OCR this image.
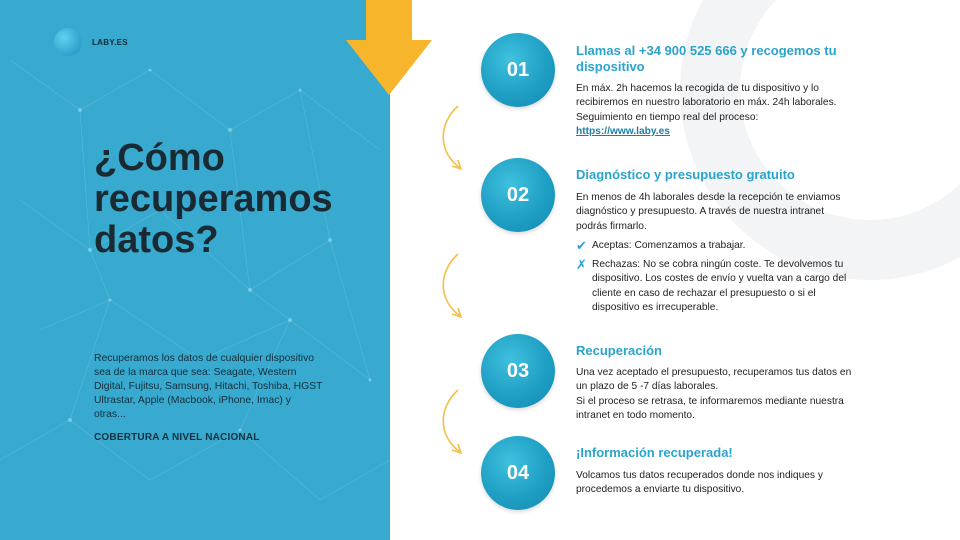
LABY.ES
¿Cómo recuperamos datos?
Recuperamos los datos de cualquier dispositivo sea de la marca que sea: Seagate, Western Digital, Fujitsu, Samsung, Hitachi, Toshiba, HGST Ultrastar, Apple (Macbook, iPhone, Imac) y otras...
COBERTURA A NIVEL NACIONAL
01
Llamas al +34 900 525 666 y recogemos tu dispositivo
En máx. 2h hacemos la recogida de tu dispositivo y lo recibiremos en nuestro laboratorio en máx. 24h laborales.
Seguimiento en tiempo real del proceso:
https://www.laby.es
02
Diagnóstico y presupuesto gratuito
En menos de 4h laborales desde la recepción te enviamos diagnóstico y presupuesto. A través de nuestra intranet podrás firmarlo.
✔ Aceptas: Comenzamos a trabajar.
✗ Rechazas: No se cobra ningún coste. Te devolvemos tu dispositivo. Los costes de envío y vuelta van a cargo del cliente en caso de rechazar el presupuesto o si el dispositivo es irrecuperable.
03
Recuperación
Una vez aceptado el presupuesto, recuperamos tus datos en un plazo de 5 -7 días laborales.
Si el proceso se retrasa, te informaremos mediante nuestra intranet en todo momento.
04
¡Información recuperada!
Volcamos tus datos recuperados donde nos indiques y procedemos a enviarte tu dispositivo.
